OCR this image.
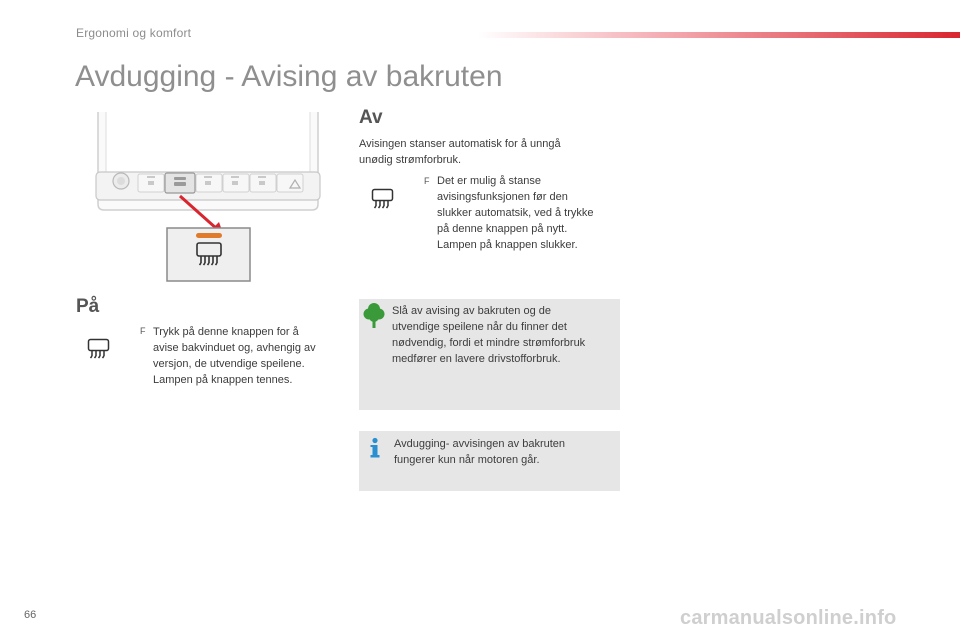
Ergonomi og komfort
Avdugging - Avising av bakruten
På
F Trykk på denne knappen for å
avise bakvinduet og, avhengig av
versjon, de utvendige speilene.
Lampen på knappen tennes.
Av
Avisingen stanser automatisk for å unngå
unødig strømforbruk.
F Det er mulig å stanse
avisingsfunksjonen før den
slukker automatsik, ved å trykke
på denne knappen på nytt.
Lampen på knappen slukker.
Slå av avising av bakruten og de
utvendige speilene når du finner det
nødvendig, fordi et mindre strømforbruk
medfører en lavere drivstofforbruk.
Avdugging- avvisingen av bakruten
fungerer kun når motoren går.
66	carmanualsonline.info
